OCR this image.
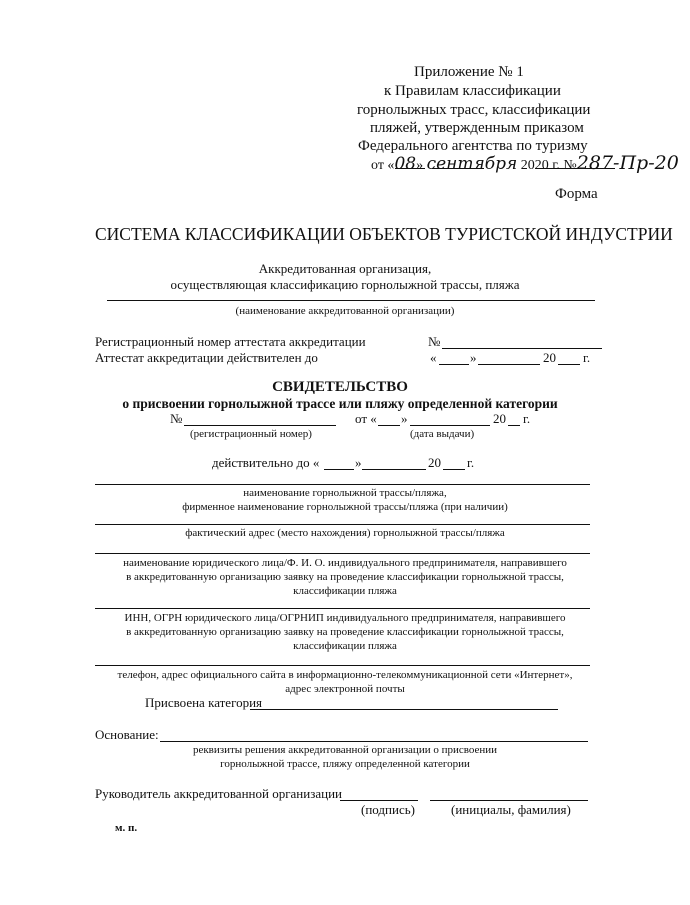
Приложение № 1
к Правилам классификации
горнолыжных трасс, классификации
пляжей, утвержденным приказом
Федерального агентства по туризму
от «08» сентября 2020 г. №287-Пр-20
Форма
СИСТЕМА КЛАССИФИКАЦИИ ОБЪЕКТОВ ТУРИСТСКОЙ ИНДУСТРИИ
Аккредитованная организация,
осуществляющая классификацию горнолыжной трассы, пляжа
(наименование аккредитованной организации)
Регистрационный номер аттестата аккредитации	№
Аттестат аккредитации действителен до	«	»	20 г.
СВИДЕТЕЛЬСТВО
о присвоении горнолыжной трассе или пляжу определенной категории
№	от « »	20 г.
(регистрационный номер)	(дата выдачи)
действительно до «	»	20 г.
наименование горнолыжной трассы/пляжа,
фирменное наименование горнолыжной трассы/пляжа (при наличии)
фактический адрес (место нахождения) горнолыжной трассы/пляжа
наименование юридического лица/Ф. И. О. индивидуального предпринимателя, направившего
в аккредитованную организацию заявку на проведение классификации горнолыжной трассы,
классификации пляжа
ИНН, ОГРН юридического лица/ОГРНИП индивидуального предпринимателя, направившего
в аккредитованную организацию заявку на проведение классификации горнолыжной трассы,
классификации пляжа
телефон, адрес официального сайта в информационно-телекоммуникационной сети «Интернет»,
адрес электронной почты
Присвоена категория
Основание:
реквизиты решения аккредитованной организации о присвоении
горнолыжной трассе, пляжу определенной категории
Руководитель аккредитованной организации
(подпись)	(инициалы, фамилия)
м. п.
